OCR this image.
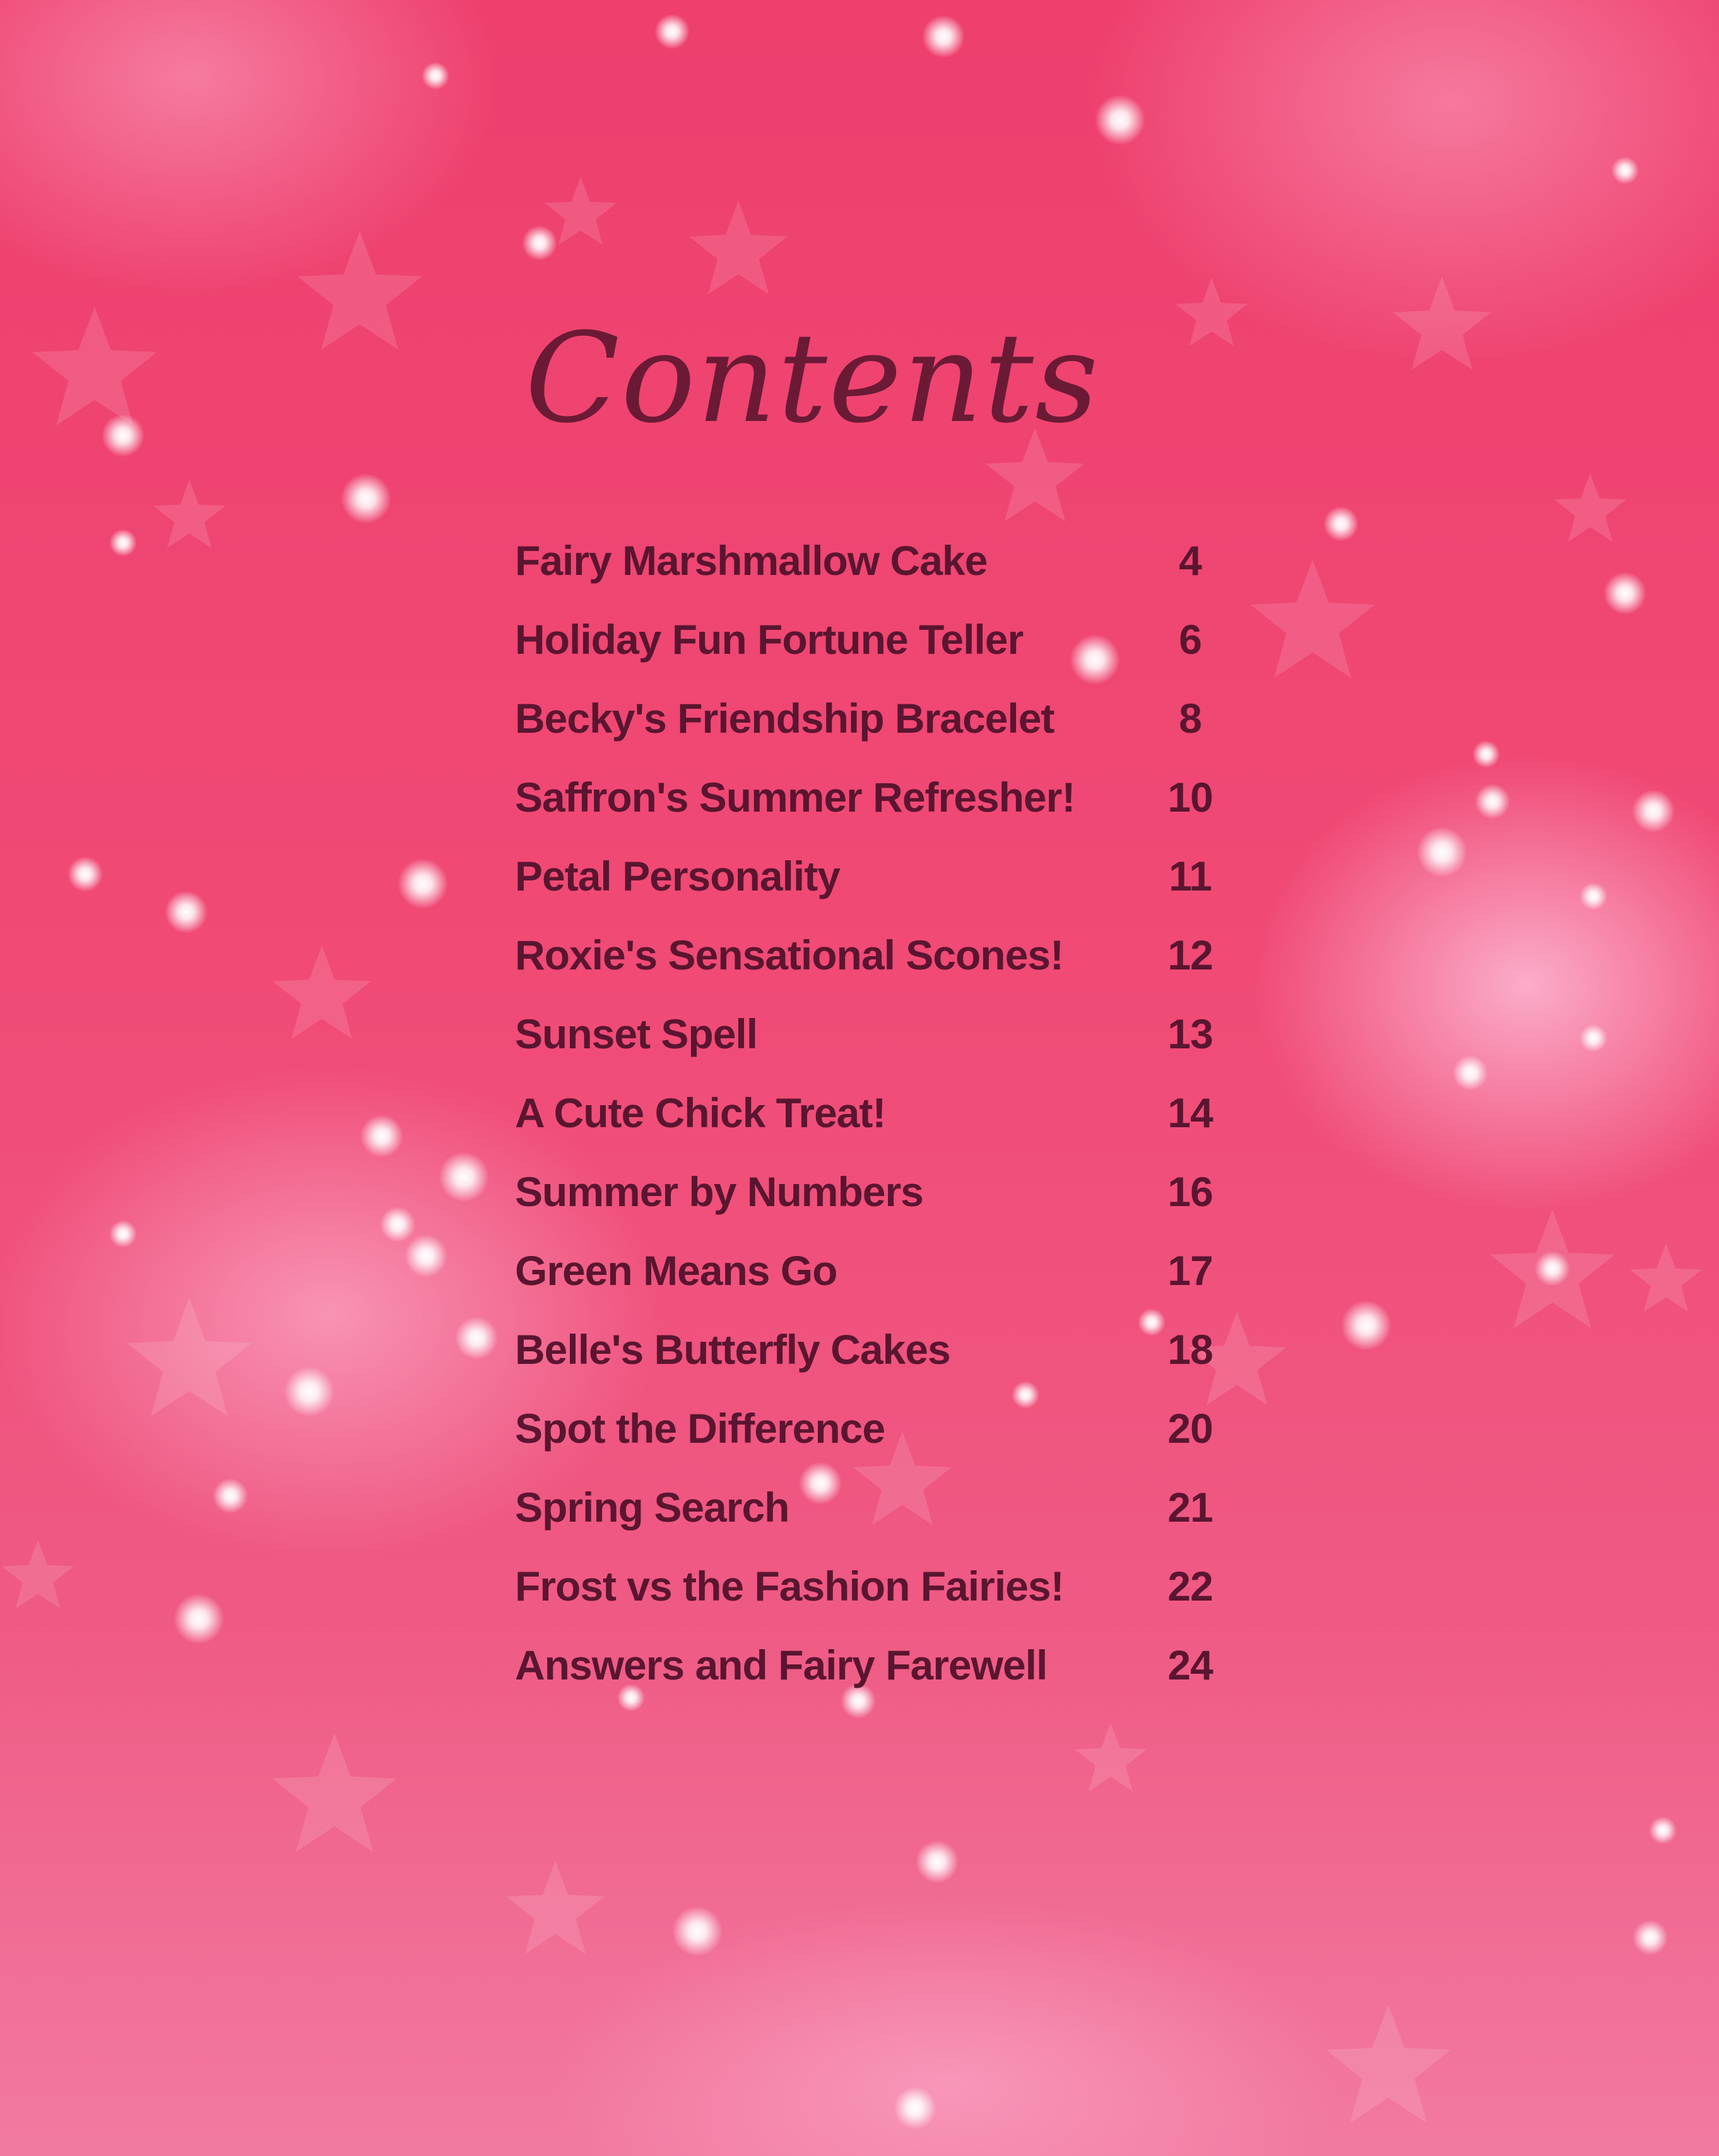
Contents
Fairy Marshmallow Cake	4
Holiday Fun Fortune Teller	6
Becky's Friendship Bracelet	8
Saffron's Summer Refresher!	10
Petal Personality	11
Roxie's Sensational Scones!	12
Sunset Spell	13
A Cute Chick Treat!	14
Summer by Numbers	16
Green Means Go	17
Belle's Butterfly Cakes	18
Spot the Difference	20
Spring Search	21
Frost vs the Fashion Fairies!	22
Answers and Fairy Farewell	24
